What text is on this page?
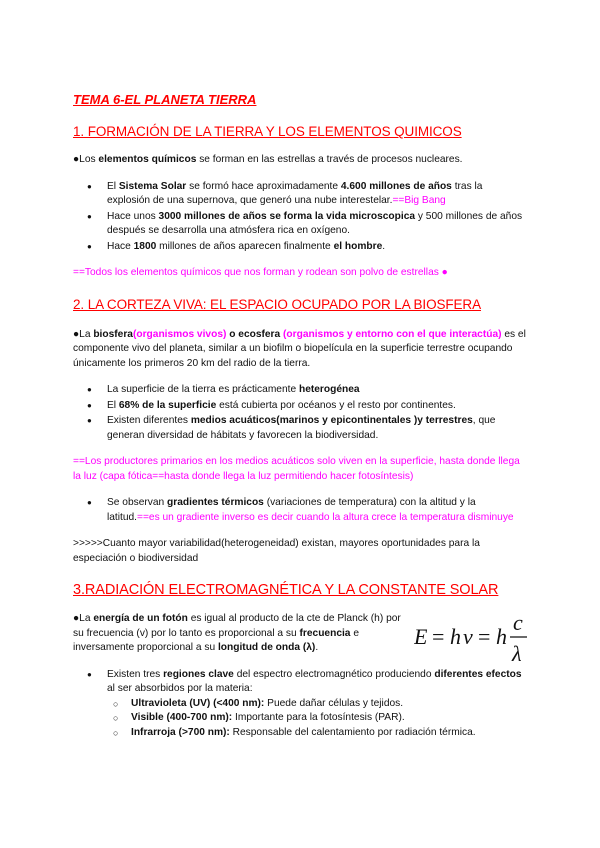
TEMA 6-EL PLANETA TIERRA
1. FORMACIÓN DE LA TIERRA Y LOS ELEMENTOS QUIMICOS
●Los elementos químicos se forman en las estrellas a través de procesos nucleares.
● El Sistema Solar se formó hace aproximadamente 4.600 millones de años tras la explosión de una supernova, que generó una nube interestelar.==Big Bang
● Hace unos 3000 millones de años se forma la vida microscopica y 500 millones de años después se desarrolla una atmósfera rica en oxígeno.
● Hace 1800 millones de años aparecen finalmente el hombre.
==Todos los elementos químicos que nos forman y rodean son polvo de estrellas ●
2. LA CORTEZA VIVA: EL ESPACIO OCUPADO POR LA BIOSFERA
●La biosfera(organismos vivos) o ecosfera (organismos y entorno con el que interactúa) es el componente vivo del planeta, similar a un biofilm o biopelícula en la superficie terrestre ocupando únicamente los primeros 20 km del radio de la tierra.
● La superficie de la tierra es prácticamente heterogénea
● El 68% de la superficie está cubierta por océanos y el resto por continentes.
● Existen diferentes medios acuáticos(marinos y epicontinentales )y terrestres, que generan diversidad de hábitats y favorecen la biodiversidad.
==Los productores primarios en los medios acuáticos solo viven en la superficie, hasta donde llega la luz (capa fótica==hasta donde llega la luz permitiendo hacer fotosíntesis)
● Se observan gradientes térmicos (variaciones de temperatura) con la altitud y la latitud.==es un gradiente inverso es decir cuando la altura crece la temperatura disminuye
>>>>>Cuanto mayor variabilidad(heterogeneidad) existan, mayores oportunidades para la especiación o biodiversidad
3.RADIACIÓN ELECTROMAGNÉTICA Y LA CONSTANTE SOLAR
●La energía de un fotón es igual al producto de la cte de Planck (h) por su frecuencia (v) por lo tanto es proporcional a su frecuencia e inversamente proporcional a su longitud de onda (λ).	E = h ν = h
c
λ
● Existen tres regiones clave del espectro electromagnético produciendo diferentes efectos al ser absorbidos por la materia:
○ Ultravioleta (UV) (<400 nm): Puede dañar células y tejidos.
○ Visible (400-700 nm): Importante para la fotosíntesis (PAR).
○ Infrarroja (>700 nm): Responsable del calentamiento por radiación térmica.
